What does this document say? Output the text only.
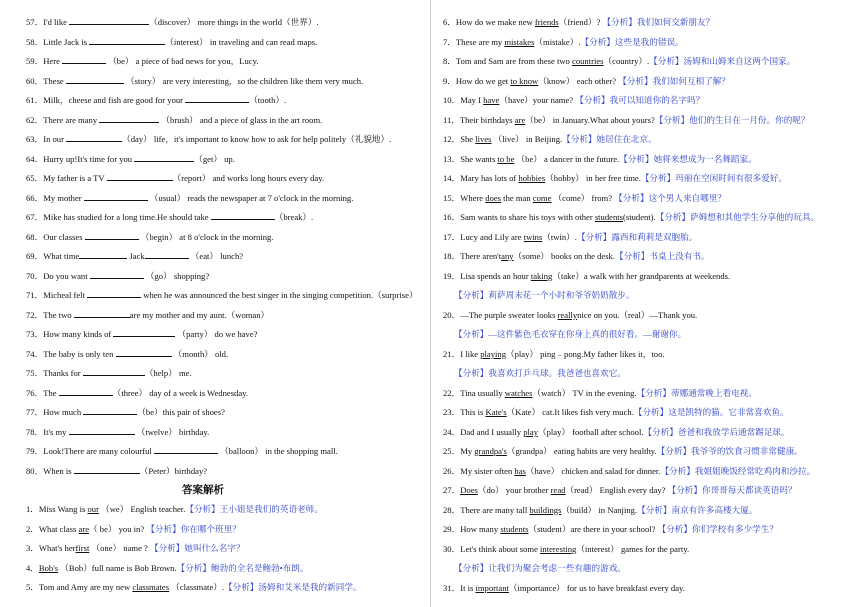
57．I'd like	（discover） more things in the world（世界）.
58．Little Jack is	（interest） in traveling and can read maps.
59．Here	（be） a piece of bad news for you，Lucy.
60．These	（story） are very interesting，so the children like them very much.
61．Milk，cheese and fish are good for your	（tooth）.
62．There are many	（brush） and a piece of glass in the art room.
63．In our	（day） life，it's important to know how to ask for help politely（礼貌地）.
64．Hurry up!It's time for you	（get） up.
65．My father is a TV	（report） and works long hours every day.
66．My mother	（usual） reads the newspaper at 7 o'clock in the morning.
67．Mike has studied for a long time.He should take	（break）.
68．Our classes	（begin） at 8 o'clock in the morning.
69．What time	Jack	（eat） lunch?
70．Do you want	（go） shopping?
71．Micheal felt	when he was announced the best singer in the singing competition.（surprise）
72．The two	are my mother and my aunt.（woman）
73．How many kinds of	（party） do we have?
74．The baby is only ten	（month） old.
75．Thanks for	（help） me.
76．The	（three） day of a week is Wednesday.
77．How much	（be）this pair of shoes?
78．It's my	（twelve） birthday.
79．Look!There are many colourful	（balloon） in the shopping mall.
80．When is	（Peter）birthday?
答案解析
1．Miss Wang is our （we） English teacher.【分析】王小姐是我们的英语老师。
2．What class are（ be） you in? 【分析】你在哪个班里？
3．What's herfirst （one） name ? 【分析】她叫什么名字？
4．Bob's （Bob）full name is Bob Brown.【分析】鲍勃的全名是鲍勃•布朗。
5．Tom and Amy are my new classmates （classmate）.【分析】汤姆和艾米是我的新同学。
6．How do we make new friends（friend）? 【分析】我们如何交新朋友？
7．These are my mistakes（mistake）.【分析】这些是我的错误。
8．Tom and Sam are from these two countries（country）.【分析】汤姆和山姆来自这两个国家。
9．How do we get to know（know） each other? 【分析】我们如何互相了解？
10．May I have（have）your name? 【分析】我可以知道你的名字吗？
11．Their birthdays are（be） in January.What about yours?【分析】他们的生日在一月份。你的呢？
12．She lives （live） in Beijing.【分析】她居住在北京。
13．She wants to be （be） a dancer in the future.【分析】她将来想成为一名舞蹈家。
14．Mary has lots of hobbies（hobby） in her free time.【分析】玛丽在空闲时间有很多爱好。
15．Where does the man come （come） from? 【分析】这个男人来自哪里？
16．Sam wants to share his toys with other students(student).【分析】萨姆想和其他学生分享他的玩具。
17．Lucy and Lily are twins（twin）.【分析】露西和莉莉是双胞胎。
18．There aren'tany（some） books on the desk.【分析】书桌上没有书。
19．Lisa spends an hour taking（take）a walk with her grandparents at weekends.
【分析】莉萨周末花一个小时和爷爷奶奶散步。
20．—The purple sweater looks reallynice on you.（real）—Thank you.
【分析】—这件紫色毛衣穿在你身上真的很好看。—谢谢你。
21．I like playing（play） ping﹣pong.My father likes it，too.
【分析】我喜欢打乒乓球。我爸爸也喜欢它。
22．Tina usually watches（watch） TV in the evening.【分析】蒂娜通常晚上看电视。
23．This is Kate's（Kate） cat.It likes fish very much.【分析】这是凯特的猫。它非常喜欢鱼。
24．Dad and I usually play（play） football after school.【分析】爸爸和我放学后通常踢足球。
25．My grandpa's（grandpa） eating habits are very healthy.【分析】我爷爷的饮食习惯非常健康。
26．My sister often has（have） chicken and salad for dinner.【分析】我姐姐晚饭经常吃鸡肉和沙拉。
27．Does（do） your brother read（read） English every day? 【分析】你哥哥每天都读英语吗？
28．There are many tall buildings（build） in Nanjing.【分析】南京有许多高楼大厦。
29．How many students（student）are there in your school? 【分析】你们学校有多少学生？
30．Let's think about some interesting（interest） games for the party.
【分析】让我们为聚会考虑一些有趣的游戏。
31．It is important（importance） for us to have breakfast every day.
